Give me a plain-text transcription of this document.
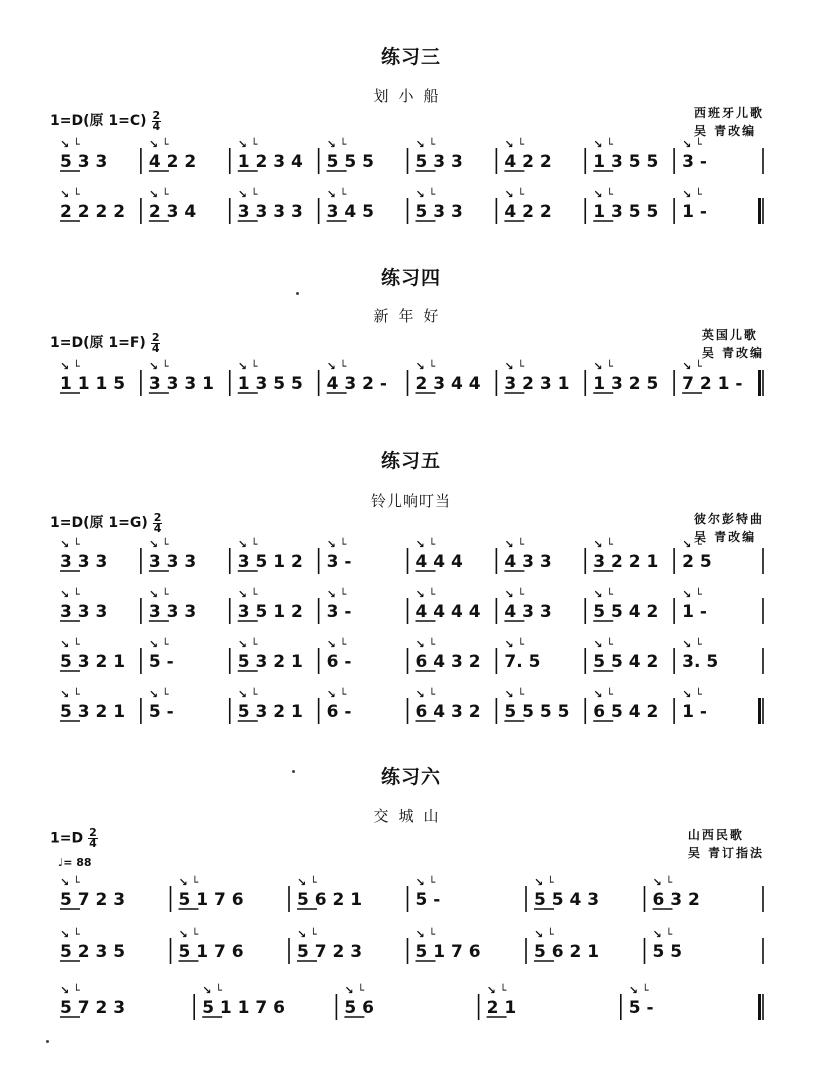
练习三
划小船
1=D(原 $1=C) \frac{2}{4}$	西班牙儿歌
吴 青改编
5 3 3
↘ └
4 2 2
↘ └
1 2 3 4
↘ └
5 5 5
↘ └
5 3 3
↘ └
4 2 2
↘ └
1 3 5 5
↘ └
3 -
↘ └
2 2 2 2
↘ └
2 3 4
↘ └
3 3 3 3
↘ └
3 4 5
↘ └
5 3 3
↘ └
4 2 2
↘ └
1 3 5 5
↘ └
1 -
↘ └
练习四
新年好
1=D(原 $1=F) \frac{2}{4}$	英国儿歌
吴 青改编
1 1 1 5
↘ └
3 3 3 1
↘ └
1 3 5 5
↘ └
4 3 2 -
↘ └
2 3 4 4
↘ └
3 2 3 1
↘ └
1 3 2 5
↘ └
7 2 1 -
↘ └
练习五
铃儿响叮当
1=D(原 $1=G) \frac{2}{4}$	彼尔彭特曲
吴 青改编
3 3 3
↘ └
3 3 3
↘ └
3 5 1 2
↘ └
3 -
↘ └
4 4 4
↘ └
4 3 3
↘ └
3 2 2 1
↘ └
2 5
↘ └
3 3 3
↘ └
3 3 3
↘ └
3 5 1 2
↘ └
3 -
↘ └
4 4 4 4
↘ └
4 3 3
↘ └
5 5 4 2
↘ └
1 -
↘ └
5 3 2 1
↘ └
5 -
↘ └
5 3 2 1
↘ └
6 -
↘ └
6 4 3 2
↘ └
7. 5
↘ └
5 5 4 2
↘ └
3. 5
↘ └
5 3 2 1
↘ └
5 -
↘ └
5 3 2 1
↘ └
6 -
↘ └
6 4 3 2
↘ └
5 5 5 5
↘ └
6 5 4 2
↘ └
1 -
↘ └
练习六
交城山
$1=D \frac{2}{4}$
♩= 88
山西民歌
吴 青订指法
5 7 2 3
↘ └
5 1 7 6
↘ └
5 6 2 1
↘ └
5 -
↘ └
5 5 4 3
↘ └
6 3 2
↘ └
5 2 3 5
↘ └
5 1 7 6
↘ └
5 7 2 3
↘ └
5 1 7 6
↘ └
5 6 2 1
↘ └
5 5
↘ └
5 7 2 3
↘ └
5 1 1 7 6
↘ └
5 6
↘ └
2 1
↘ └
5 -
↘ └
